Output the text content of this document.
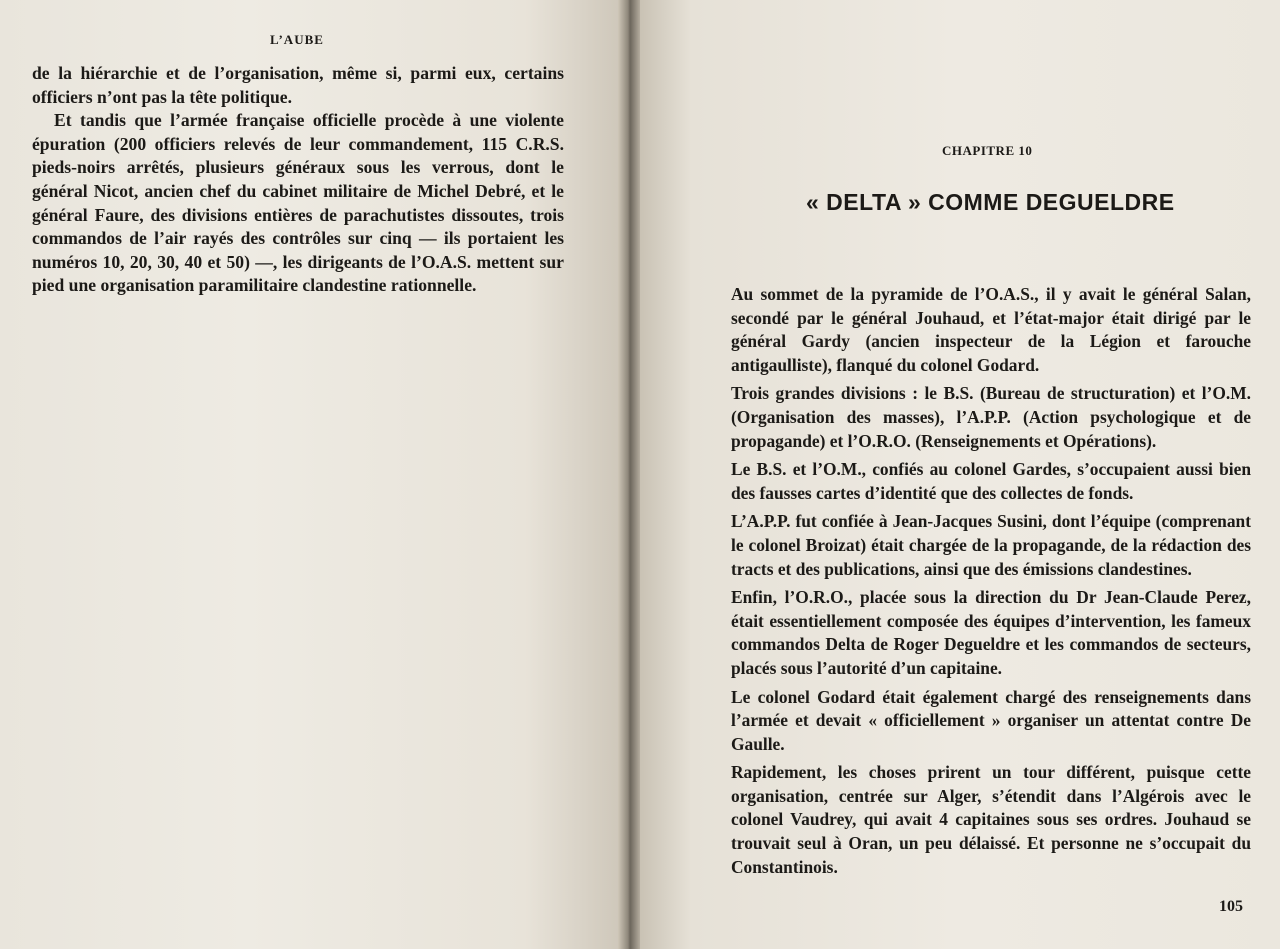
L’AUBE

de la hiérarchie et de l’organisation, même si, parmi eux, certains officiers n’ont pas la tête politique.

Et tandis que l’armée française officielle procède à une violente épuration (200 officiers relevés de leur commandement, 115 C.R.S. pieds-noirs arrêtés, plusieurs généraux sous les verrous, dont le général Nicot, ancien chef du cabinet militaire de Michel Debré, et le général Faure, des divisions entières de parachutistes dissoutes, trois commandos de l’air rayés des contrôles sur cinq — ils portaient les numéros 10, 20, 30, 40 et 50) —, les dirigeants de l’O.A.S. mettent sur pied une organisation paramilitaire clandestine rationnelle.

CHAPITRE 10
« DELTA » COMME DEGUELDRE

Au sommet de la pyramide de l’O.A.S., il y avait le général Salan, secondé par le général Jouhaud, et l’état-major était dirigé par le général Gardy (ancien inspecteur de la Légion et farouche antigaulliste), flanqué du colonel Godard.

Trois grandes divisions : le B.S. (Bureau de structuration) et l’O.M. (Organisation des masses), l’A.P.P. (Action psychologique et de propagande) et l’O.R.O. (Renseignements et Opérations).

Le B.S. et l’O.M., confiés au colonel Gardes, s’occupaient aussi bien des fausses cartes d’identité que des collectes de fonds.

L’A.P.P. fut confiée à Jean-Jacques Susini, dont l’équipe (comprenant le colonel Broizat) était chargée de la propagande, de la rédaction des tracts et des publications, ainsi que des émissions clandestines.

Enfin, l’O.R.O., placée sous la direction du Dr Jean-Claude Perez, était essentiellement composée des équipes d’intervention, les fameux commandos Delta de Roger Degueldre et les commandos de secteurs, placés sous l’autorité d’un capitaine.

Le colonel Godard était également chargé des renseignements dans l’armée et devait « officiellement » organiser un attentat contre De Gaulle.

Rapidement, les choses prirent un tour différent, puisque cette organisation, centrée sur Alger, s’étendit dans l’Algérois avec le colonel Vaudrey, qui avait 4 capitaines sous ses ordres. Jouhaud se trouvait seul à Oran, un peu délaissé. Et personne ne s’occupait du Constantinois.

105
